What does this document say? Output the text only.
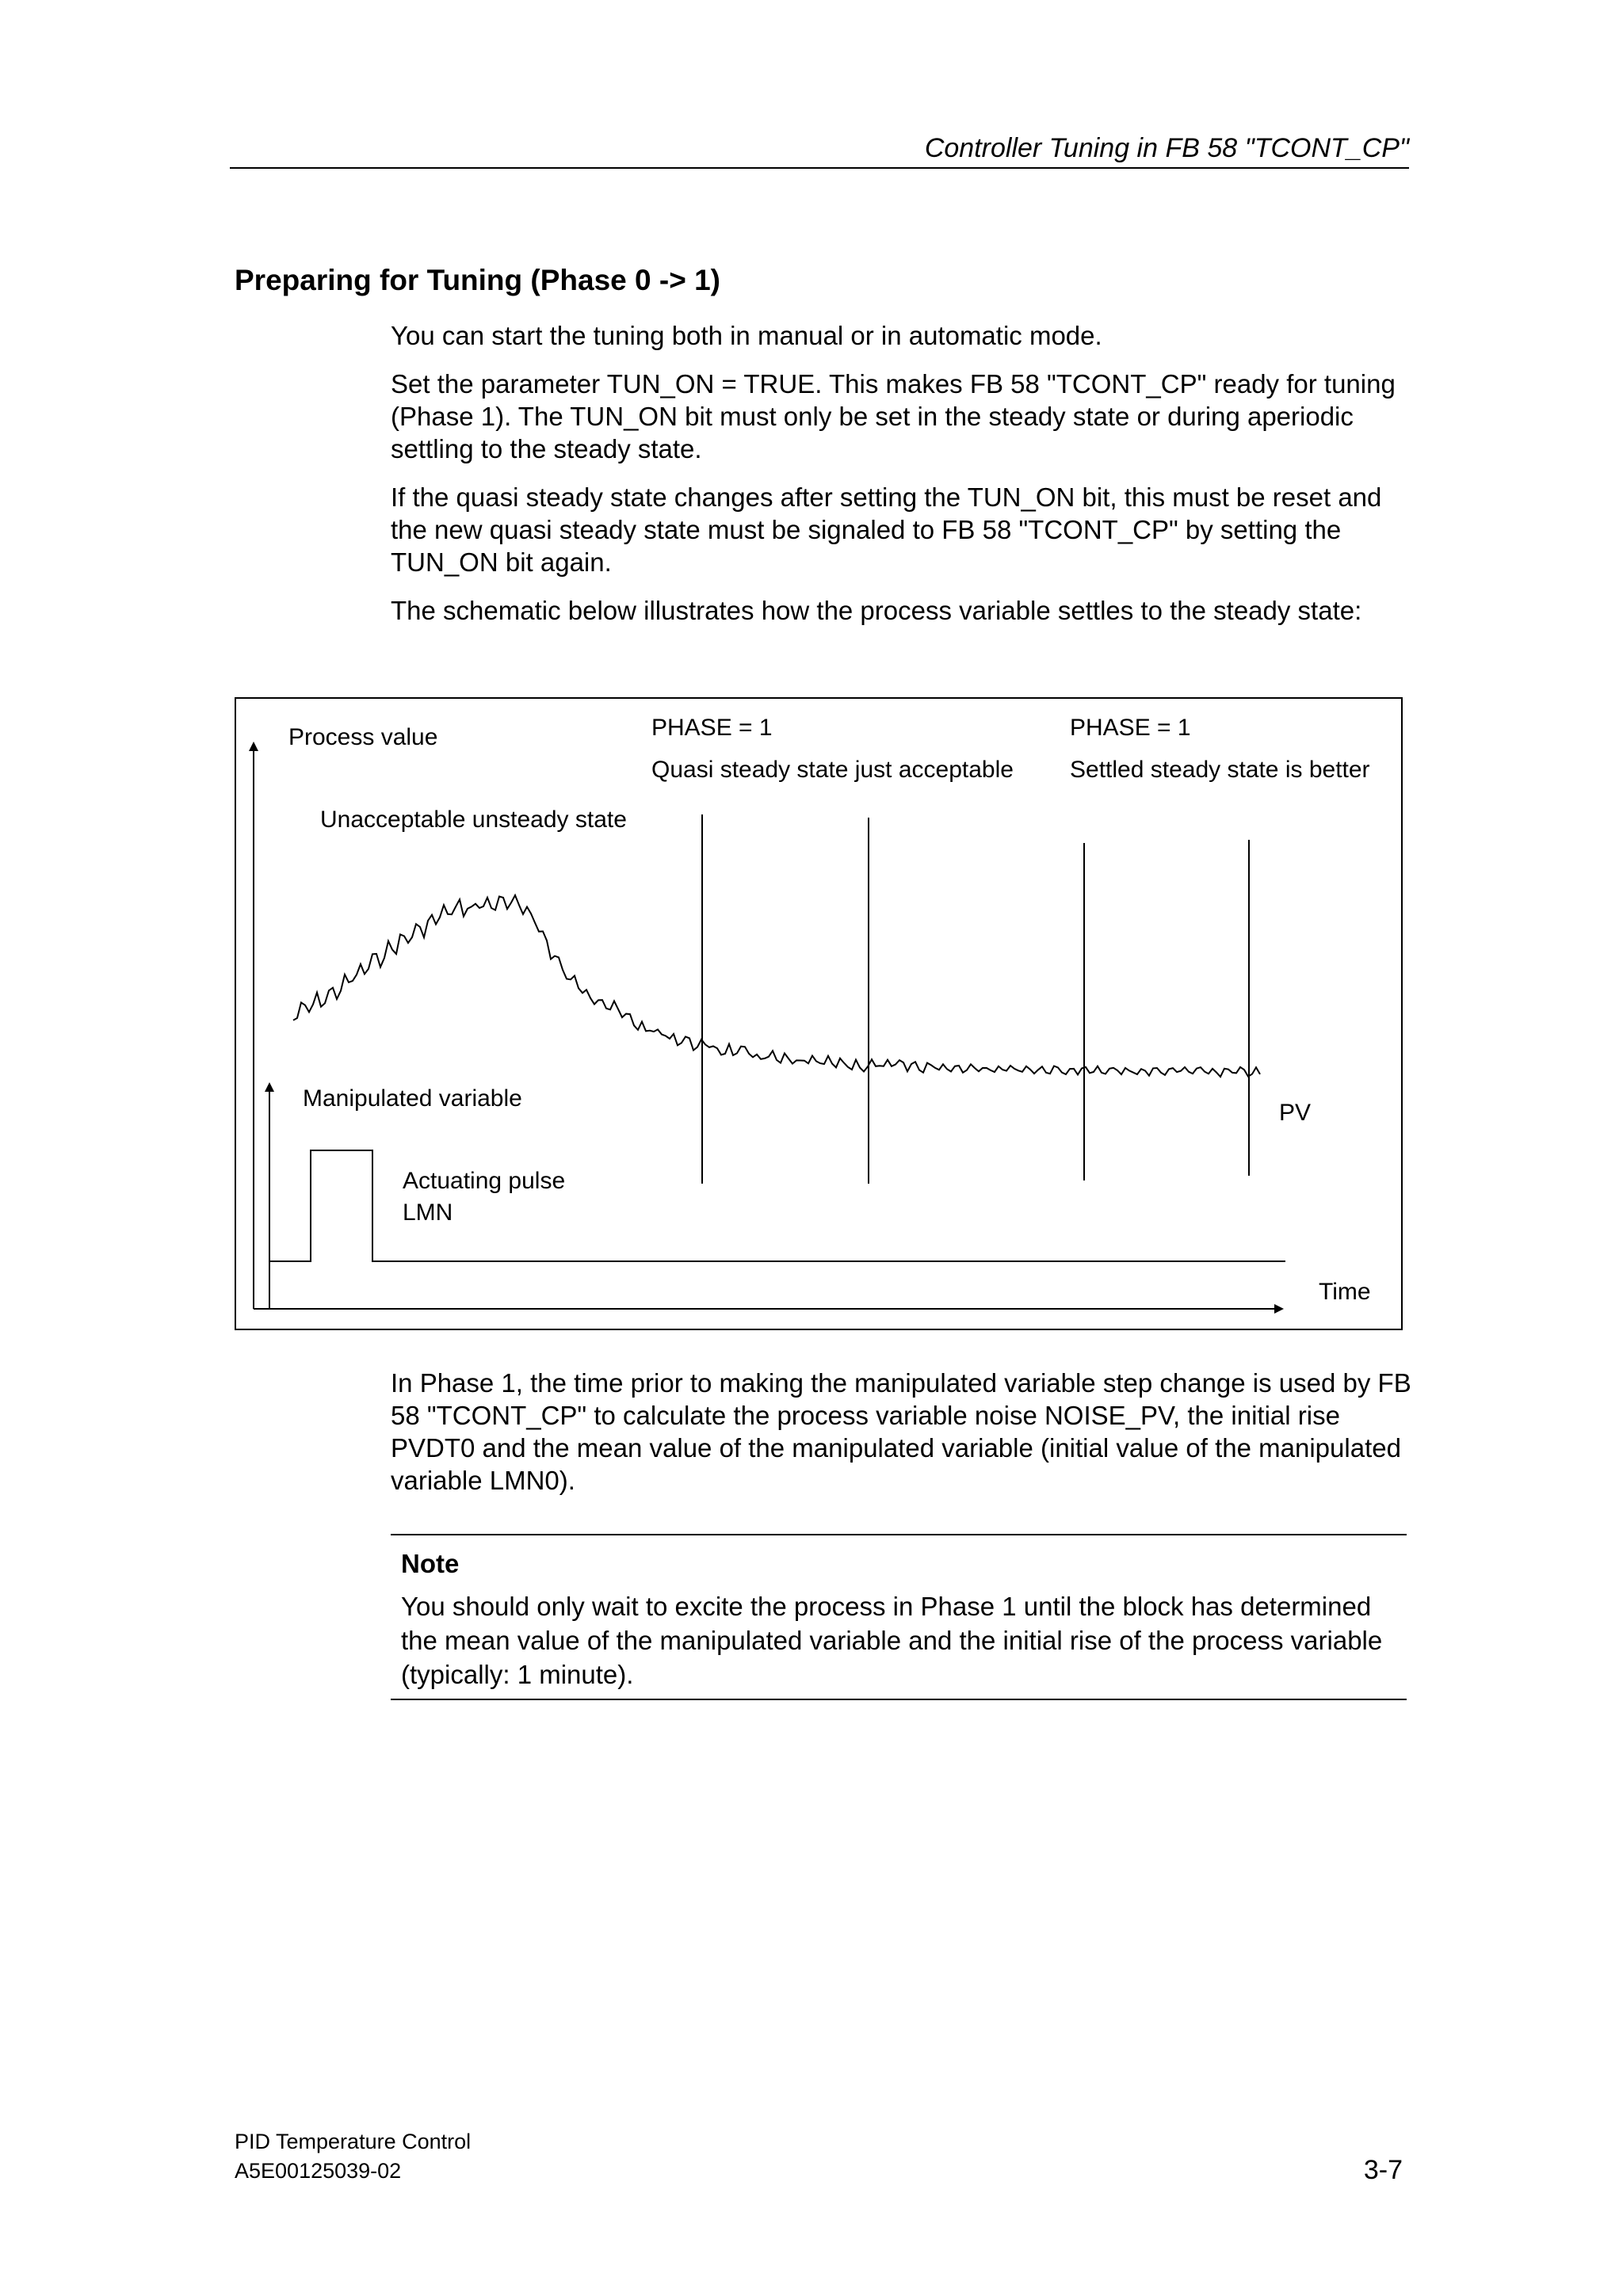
Controller Tuning in FB 58 "TCONT_CP"
Preparing for Tuning (Phase 0 -> 1)

You can start the tuning both in manual or in automatic mode.

Set the parameter TUN_ON = TRUE. This makes FB 58 "TCONT_CP" ready for tuning (Phase 1). The TUN_ON bit must only be set in the steady state or during aperiodic settling to the steady state.

If the quasi steady state changes after setting the TUN_ON bit, this must be reset and the new quasi steady state must be signaled to FB 58 "TCONT_CP" by setting the TUN_ON bit again.

The schematic below illustrates how the process variable settles to the steady state:

Process value	PHASE = 1
Quasi steady state just acceptable
PHASE = 1
Settled steady state is better
Unacceptable unsteady state
Manipulated variable
Actuating pulse
LMN
PV
Time

In Phase 1, the time prior to making the manipulated variable step change is used by FB 58 "TCONT_CP" to calculate the process variable noise NOISE_PV, the initial rise PVDT0 and the mean value of the manipulated variable (initial value of the manipulated variable LMN0).

Note
You should only wait to excite the process in Phase 1 until the block has determined the mean value of the manipulated variable and the initial rise of the process variable (typically: 1 minute).
PID Temperature Control
A5E00125039-02	3-7
